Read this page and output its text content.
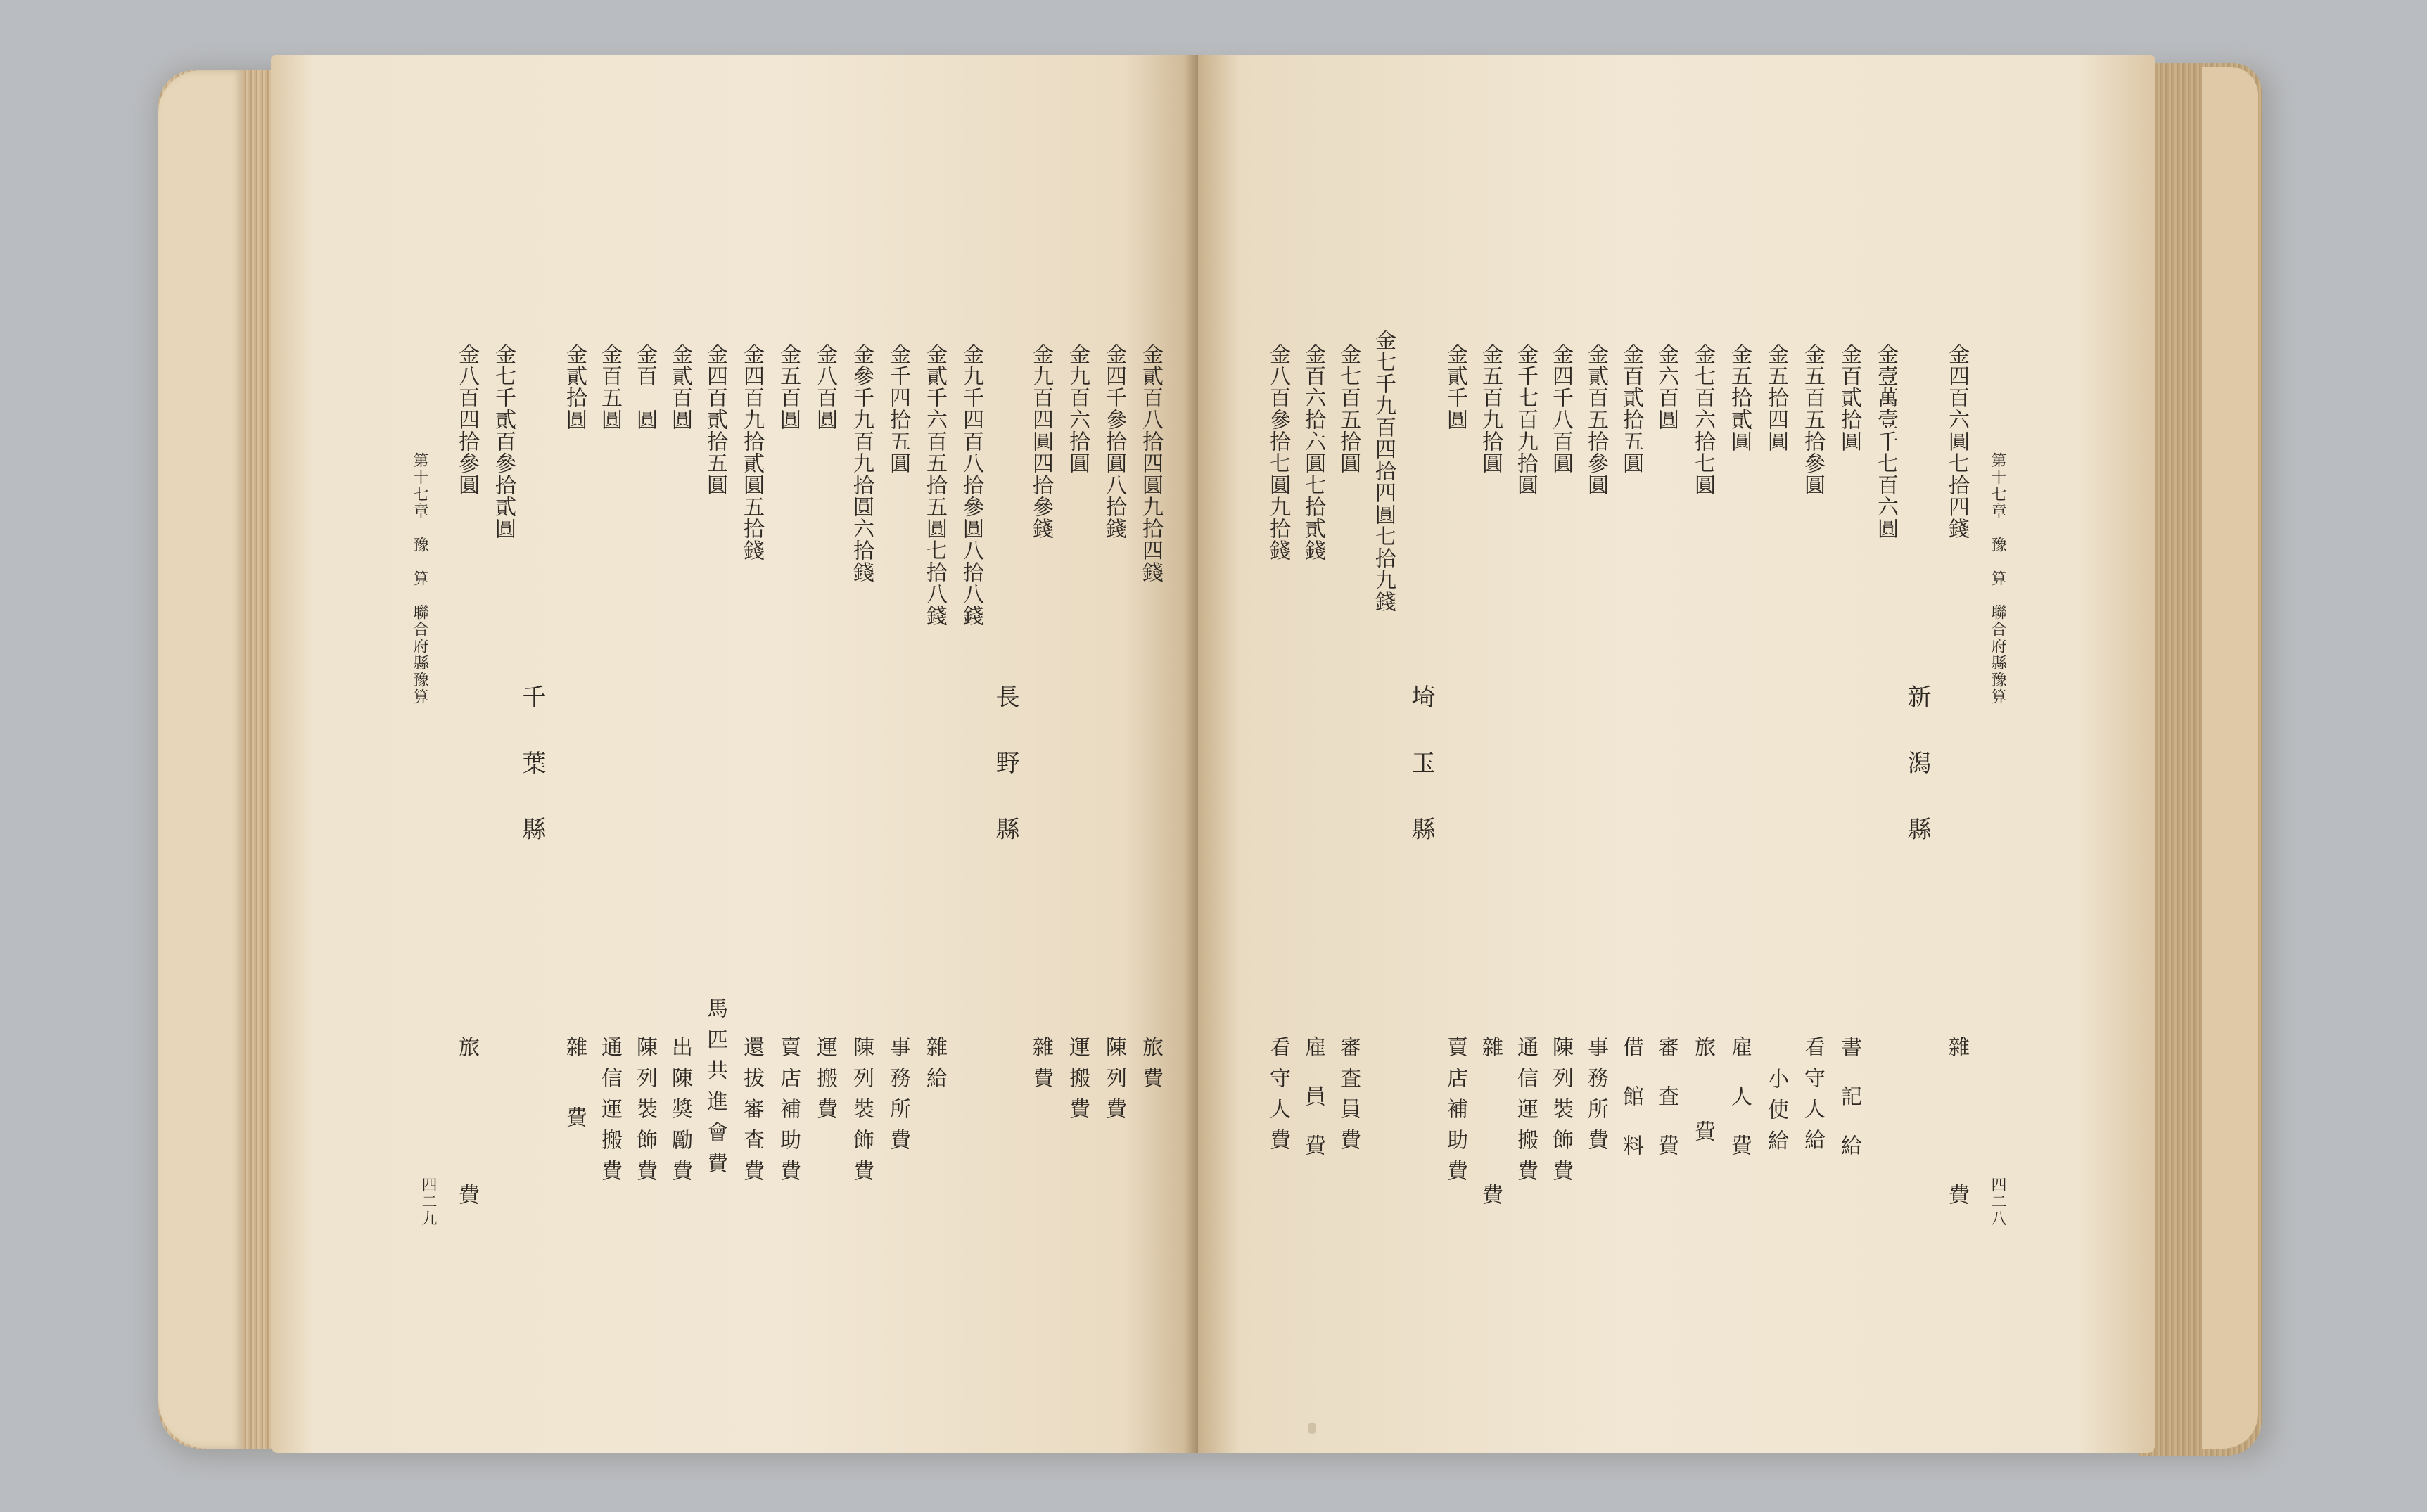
金貳百八拾四圓九拾四錢
金四千參拾圓八拾錢
金九百六拾圓
金九百四圓四拾參錢
金九千四百八拾參圓八拾八錢
金貳千六百五拾五圓七拾八錢
金千四拾五圓
金參千九百九拾圓六拾錢
金八百圓
金五百圓
金四百九拾貳圓五拾錢
金四百貳拾五圓
金貳百圓
金百　圓
金百五圓
金貳拾圓
金七千貳百參拾貳圓
金八百四拾參圓
第十七章　豫　算　聯合府縣豫算
長野縣
千葉縣
旅費
陳列費
運搬費
雜費
雜給
事務所費
陳列裝飾費
運搬費
賣店補助費
還拔審査費
馬匹共進會費
出陳獎勵費
陳列裝飾費
通信運搬費
雜費
旅費
四二九
第十七章　豫　算　聯合府縣豫算
金四百六圓七拾四錢
金壹萬壹千七百六圓
金百貳拾圓
金五百五拾參圓
金五拾四圓
金五拾貳圓
金七百六拾七圓
金六百圓
金百貳拾五圓
金貳百五拾參圓
金四千八百圓
金千七百九拾圓
金五百九拾圓
金貳千圓
金七千九百四拾四圓七拾九錢
金七百五拾圓
金百六拾六圓七拾貳錢
金八百參拾七圓九拾錢
新潟縣
埼玉縣
雜費
書記給
看守人給
小使給
雇人費
旅費
審査費
借館料
事務所費
陳列裝飾費
通信運搬費
雜費
賣店補助費
審査員費
雇員費
看守人費
四二八
